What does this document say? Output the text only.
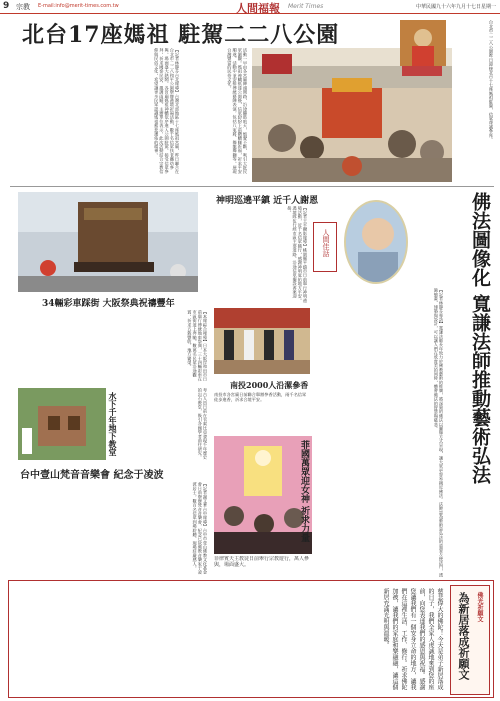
9 宗教 E-mail:info@merit-times.com.tw	人間福報 Merit Times	中華民國九十六年九月十七日星期一
北台17座媽祖 駐駕二二八公園
【記者林靜芬台北報導】台灣北部地區十七座媽祖宮廟，昨日聯合在台北市二二八和平公園舉辦遶境祈福活動，數千名信眾扶老攜幼參與，場面盛大熱鬧。各宮廟媽祖神轎依序進入公園駐駕，接受信眾參拜，祈求國泰民安、風調雨順。主辦單位表示，此次活動結合宗教信仰與民俗文化，希望讓更多民眾認識媽祖慈悲護佑的精神。	活動一早由各宮廟陣頭開路，沿途鑼鼓喧天，炮聲不斷，吸引大批民眾圍觀。媽祖神轎抵達公園後，信眾紛紛上前鑽轎腳祈福，祈求平安順遂。活動中並安排傳統藝陣表演，包括八家將、舞龍舞獅等，展現台灣豐富的民俗文化。	台北市二二八公園昨日迎接北台十七座媽祖駐駕，信眾虔誠參拜。
34輛彩車踩街 大阪祭典祝禱豐年
【本報綜合報導】日本大阪岸和田市日前舉行傳統地車祭典，三十四輛彩車在市區街道上奔馳，數萬名民眾沿途觀賞，祈求五穀豐收、地方繁榮。
神明巡遶平鎮 近千人謝恩
【記者王平攝影報導】桃園縣平鎮市日前舉行神明遶境活動，近千名信眾隨行，感謝神明庇佑地方平安。遶境隊伍行經市區主要道路，沿途信眾擺設香案迎接。
人間佳話	佛法圖像化 寬謙法師推動藝術弘法
【記者林靜芬專訪】寬謙法師長年致力於佛教藝術的推廣，將深奧的佛法以圖像方式呈現，讓大眾更容易親近佛法。法師認為藝術是弘法的重要方便法門，透過繪畫、建築與設計，可以讓人們在欣賞美的同時，體會佛法的智慧與慈悲。
南投2000人沿漯參香
南投市各宮廟日前聯合舉辦參香活動，兩千名信眾徒步進香，祈求合境平安。
水下千年地下教堂	考古人員日前在衣索比亞發現千年歷史的岩石教堂，吸引各國學者前往研究。
菲國萬眾迎女神 祈求力量
菲律賓天主教徒日前舉行宗教遊行，萬人參與，場面盛大。
台中壹山梵音音樂會 紀念于凌波
【記者謝文華台中報導】台中市壹山佛教文化基金會日前舉辦梵音音樂會，紀念已故佛教音樂家于凌波居士，數百名信眾到場聆聽，現場莊嚴感人。
慈悲偉大的佛陀！今天是弟子新居落成的日子，我們全家人虔誠地來到您的座前，向您表達我們的感恩與祝福。感謝您讓我們有一個安身立命的地方，讓我們在這裡生活、工作、修行。祈求佛陀加被，讓我們的家庭和樂融融，讓這個新居充滿光明與溫暖。	為新居落成祈願文 佛光祈願文
